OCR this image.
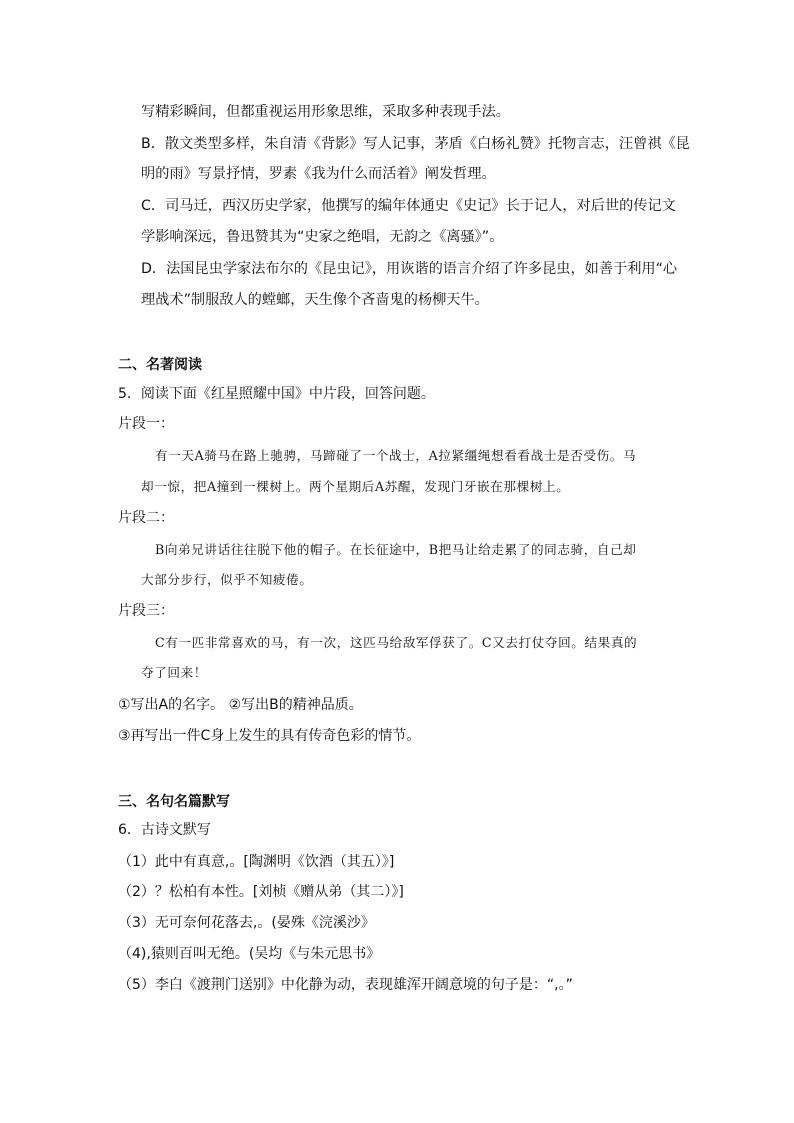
写精彩瞬间，但都重视运用形象思维，采取多种表现手法。
B．散文类型多样，朱自清《背影》写人记事，茅盾《白杨礼赞》托物言志，汪曾祺《昆
明的雨》写景抒情，罗素《我为什么而活着》阐发哲理。
C．司马迁，西汉历史学家，他撰写的编年体通史《史记》长于记人，对后世的传记文
学影响深远，鲁迅赞其为“史家之绝唱，无韵之《离骚》”。
D．法国昆虫学家法布尔的《昆虫记》，用诙谐的语言介绍了许多昆虫，如善于利用“心
理战术”制服敌人的螳螂，天生像个吝啬鬼的杨柳天牛。
二、名著阅读
5．阅读下面《红星照耀中国》中片段，回答问题。
片段一：
有一天A骑马在路上驰骋，马蹄碰了一个战士，A拉紧缰绳想看看战士是否受伤。马
却一惊，把A撞到一棵树上。两个星期后A苏醒，发现门牙嵌在那棵树上。
片段二：
B向弟兄讲话往往脱下他的帽子。在长征途中，B把马让给走累了的同志骑，自己却
大部分步行，似乎不知疲倦。
片段三：
C有一匹非常喜欢的马，有一次，这匹马给敌军俘获了。C又去打仗夺回。结果真的
夺了回来！
①写出A的名字。 ②写出B的精神品质。
③再写出一件C身上发生的具有传奇色彩的情节。
三、名句名篇默写
6．古诗文默写
（1）此中有真意,。[陶渊明《饮酒（其五）》]
（2）？松柏有本性。[刘桢《赠从弟（其二）》]
（3）无可奈何花落去,。(晏殊《浣溪沙》
（4),猿则百叫无绝。(吴均《与朱元思书》
（5）李白《渡荆门送别》中化静为动，表现雄浑开阔意境的句子是：“,。”
